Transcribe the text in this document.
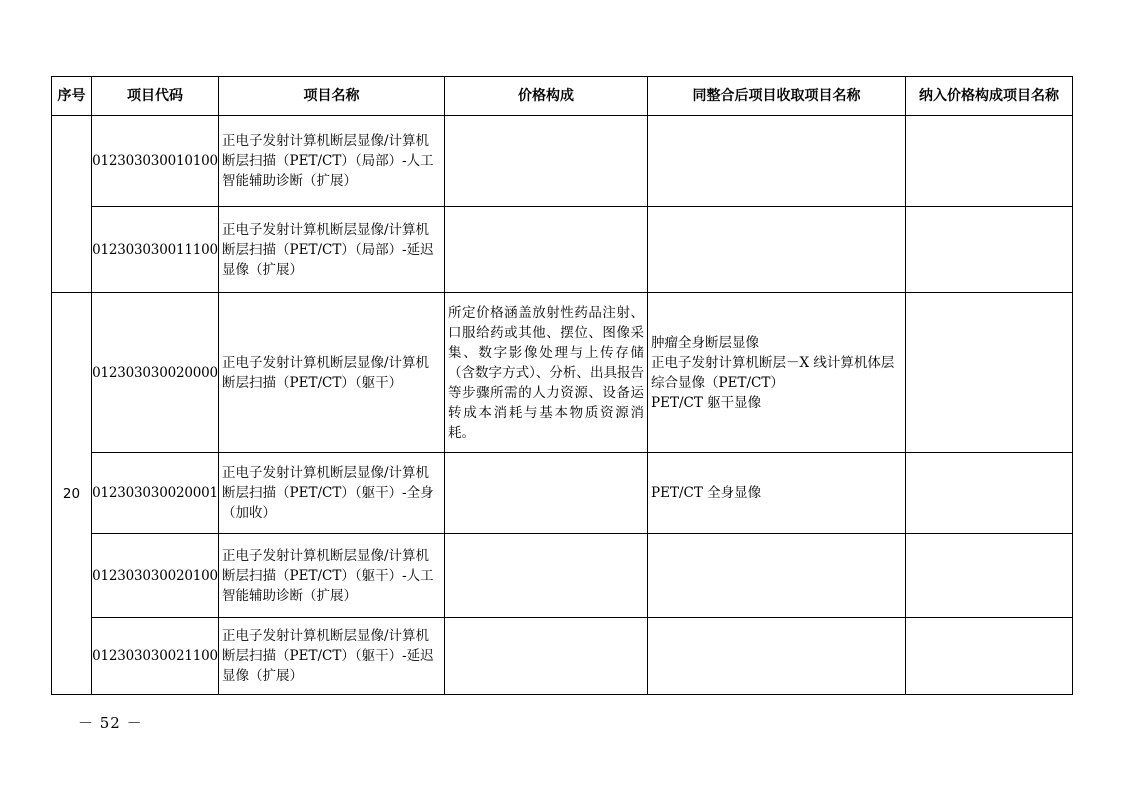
序号	项目代码	项目名称	价格构成	同整合后项目收取项目名称	纳入价格构成项目名称
	012303030010100	正电子发射计算机断层显像/计算机断层扫描（PET/CT）（局部）-人工智能辅助诊断（扩展）			
	012303030011100	正电子发射计算机断层显像/计算机断层扫描（PET/CT）（局部）-延迟显像（扩展）			
20	012303030020000	正电子发射计算机断层显像/计算机断层扫描（PET/CT）（躯干）	所定价格涵盖放射性药品注射、口服给药或其他、摆位、图像采集、数字影像处理与上传存储（含数字方式）、分析、出具报告等步骤所需的人力资源、设备运转成本消耗与基本物质资源消耗。	肿瘤全身断层显像
正电子发射计算机断层－X 线计算机体层综合显像（PET/CT）
PET/CT 躯干显像	

	012303030020001	正电子发射计算机断层显像/计算机断层扫描（PET/CT）（躯干）-全身（加收）		PET/CT 全身显像	

	012303030020100	正电子发射计算机断层显像/计算机断层扫描（PET/CT）（躯干）-人工智能辅助诊断（扩展）			
	012303030021100	正电子发射计算机断层显像/计算机断层扫描（PET/CT）（躯干）-延迟显像（扩展）			
－ 52 －
